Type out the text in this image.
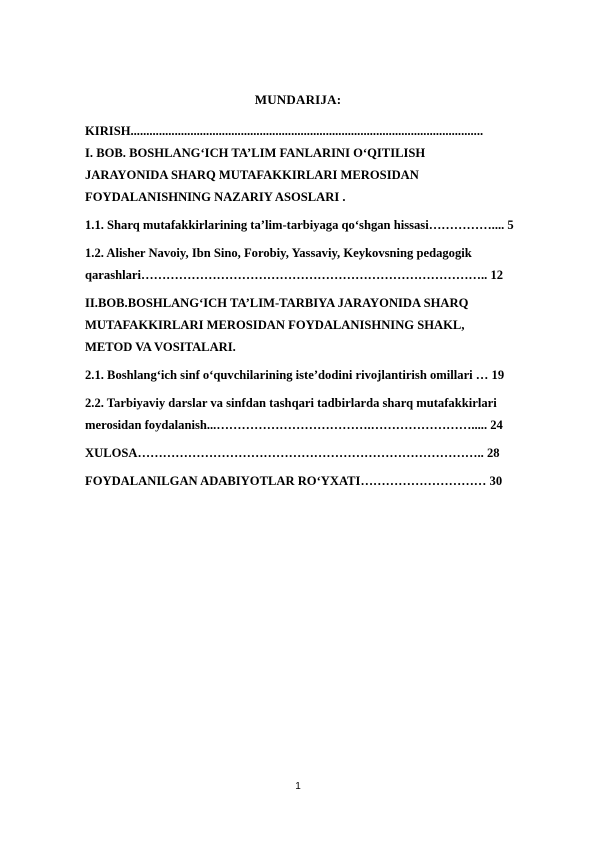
MUNDARIJA:
KIRISH................................................................................................................
I. BOB. BOSHLANG‘ICH TA’LIM FANLARINI O‘QITILISH
JARAYONIDA SHARQ MUTAFAKKIRLARI MEROSIDAN
FOYDALANISHNING NAZARIY ASOSLARI .
1.1. Sharq mutafakkirlarining ta’lim-tarbiyaga qo‘shgan hissasi…………….... 5
1.2. Alisher Navoiy, Ibn Sino, Forobiy, Yassaviy, Keykovsning pedagogik
qarashlari……………………………………………………………………….. 12
II.BOB.BOSHLANG‘ICH TA’LIM-TARBIYA JARAYONIDA SHARQ
MUTAFAKKIRLARI MEROSIDAN FOYDALANISHNING SHAKL,
METOD VA VOSITALARI.
2.1. Boshlang‘ich sinf o‘quvchilarining iste’dodini rivojlantirish omillari … 19
2.2. Tarbiyaviy darslar va sinfdan tashqari tadbirlarda sharq mutafakkirlari
merosidan foydalanish...……………………………….……………………..... 24
XULOSA……………………………………………………………………….. 28
FOYDALANILGAN ADABIYOTLAR RO‘YXATI………………………… 30
1
